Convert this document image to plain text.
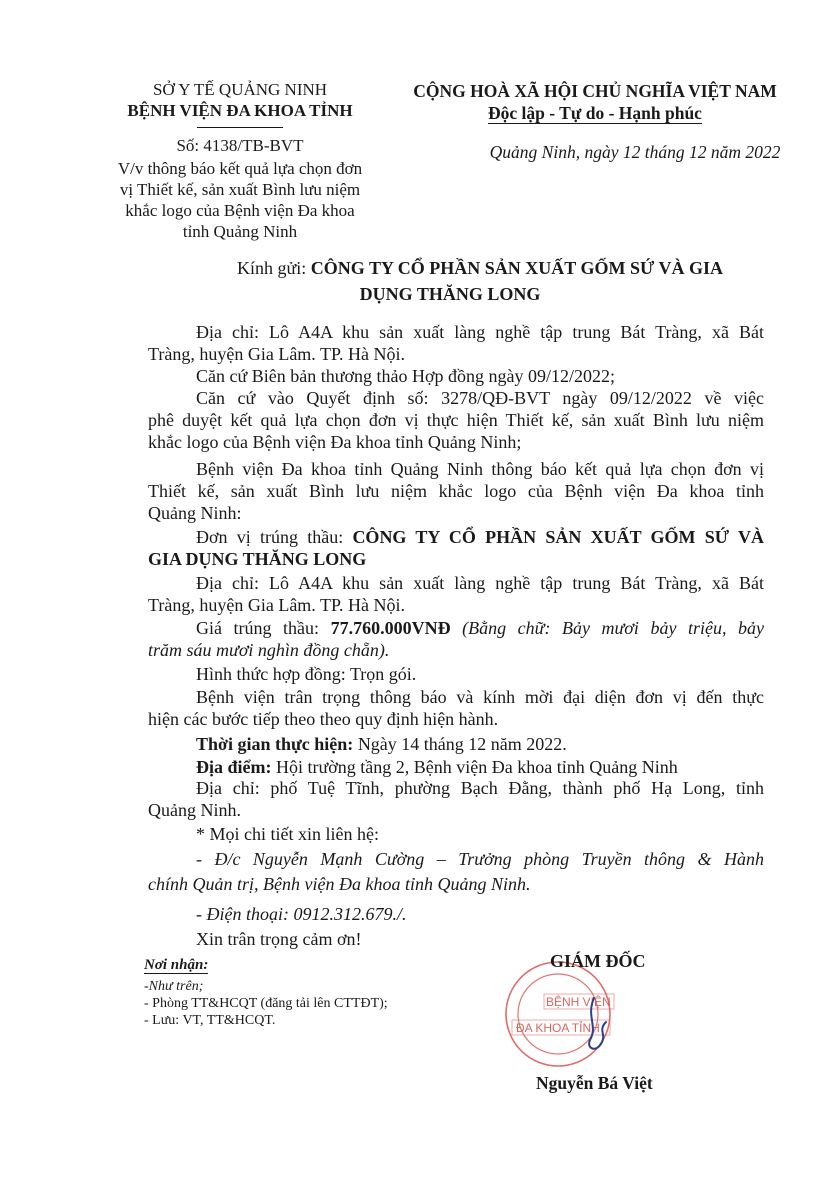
SỞ Y TẾ QUẢNG NINH
BỆNH VIỆN ĐA KHOA TỈNH
Số: 4138/TB-BVT
V/v thông báo kết quả lựa chọn đơn
vị Thiết kế, sản xuất Bình lưu niệm
khắc logo của Bệnh viện Đa khoa
tỉnh Quảng Ninh
CỘNG HOÀ XÃ HỘI CHỦ NGHĨA VIỆT NAM
Độc lập - Tự do - Hạnh phúc
Quảng Ninh, ngày 12 tháng 12 năm 2022
Kính gửi: CÔNG TY CỔ PHẦN SẢN XUẤT GỐM SỨ VÀ GIA
DỤNG THĂNG LONG
Địa chỉ: Lô A4A khu sản xuất làng nghề tập trung Bát Tràng, xã Bát
Tràng, huyện Gia Lâm. TP. Hà Nội.
Căn cứ Biên bản thương thảo Hợp đồng ngày 09/12/2022;
Căn cứ vào Quyết định số: 3278/QĐ-BVT ngày 09/12/2022 về việc
phê duyệt kết quả lựa chọn đơn vị thực hiện Thiết kế, sản xuất Bình lưu niệm
khắc logo của Bệnh viện Đa khoa tỉnh Quảng Ninh;
Bệnh viện Đa khoa tỉnh Quảng Ninh thông báo kết quả lựa chọn đơn vị
Thiết kế, sản xuất Bình lưu niệm khắc logo của Bệnh viện Đa khoa tỉnh
Quảng Ninh:
Đơn vị trúng thầu: CÔNG TY CỔ PHẦN SẢN XUẤT GỐM SỨ VÀ
GIA DỤNG THĂNG LONG
Địa chỉ: Lô A4A khu sản xuất làng nghề tập trung Bát Tràng, xã Bát
Tràng, huyện Gia Lâm. TP. Hà Nội.
Giá trúng thầu: 77.760.000VNĐ (Bằng chữ: Bảy mươi bảy triệu, bảy
trăm sáu mươi nghìn đồng chẵn).
Hình thức hợp đồng: Trọn gói.
Bệnh viện trân trọng thông báo và kính mời đại diện đơn vị đến thực
hiện các bước tiếp theo theo quy định hiện hành.
Thời gian thực hiện: Ngày 14 tháng 12 năm 2022.
Địa điểm: Hội trường tầng 2, Bệnh viện Đa khoa tỉnh Quảng Ninh
Địa chỉ: phố Tuệ Tĩnh, phường Bạch Đằng, thành phố Hạ Long, tỉnh
Quảng Ninh.
* Mọi chi tiết xin liên hệ:
- Đ/c Nguyễn Mạnh Cường – Trưởng phòng Truyền thông & Hành
chính Quản trị, Bệnh viện Đa khoa tỉnh Quảng Ninh.
- Điện thoại: 0912.312.679./.
Xin trân trọng cảm ơn!
Nơi nhận:
-Như trên;
- Phòng TT&HCQT (đăng tải lên CTTĐT);
- Lưu: VT, TT&HCQT.
BỆNH VIỆN
ĐA KHOA TỈNH
GIÁM ĐỐC
Nguyễn Bá Việt
